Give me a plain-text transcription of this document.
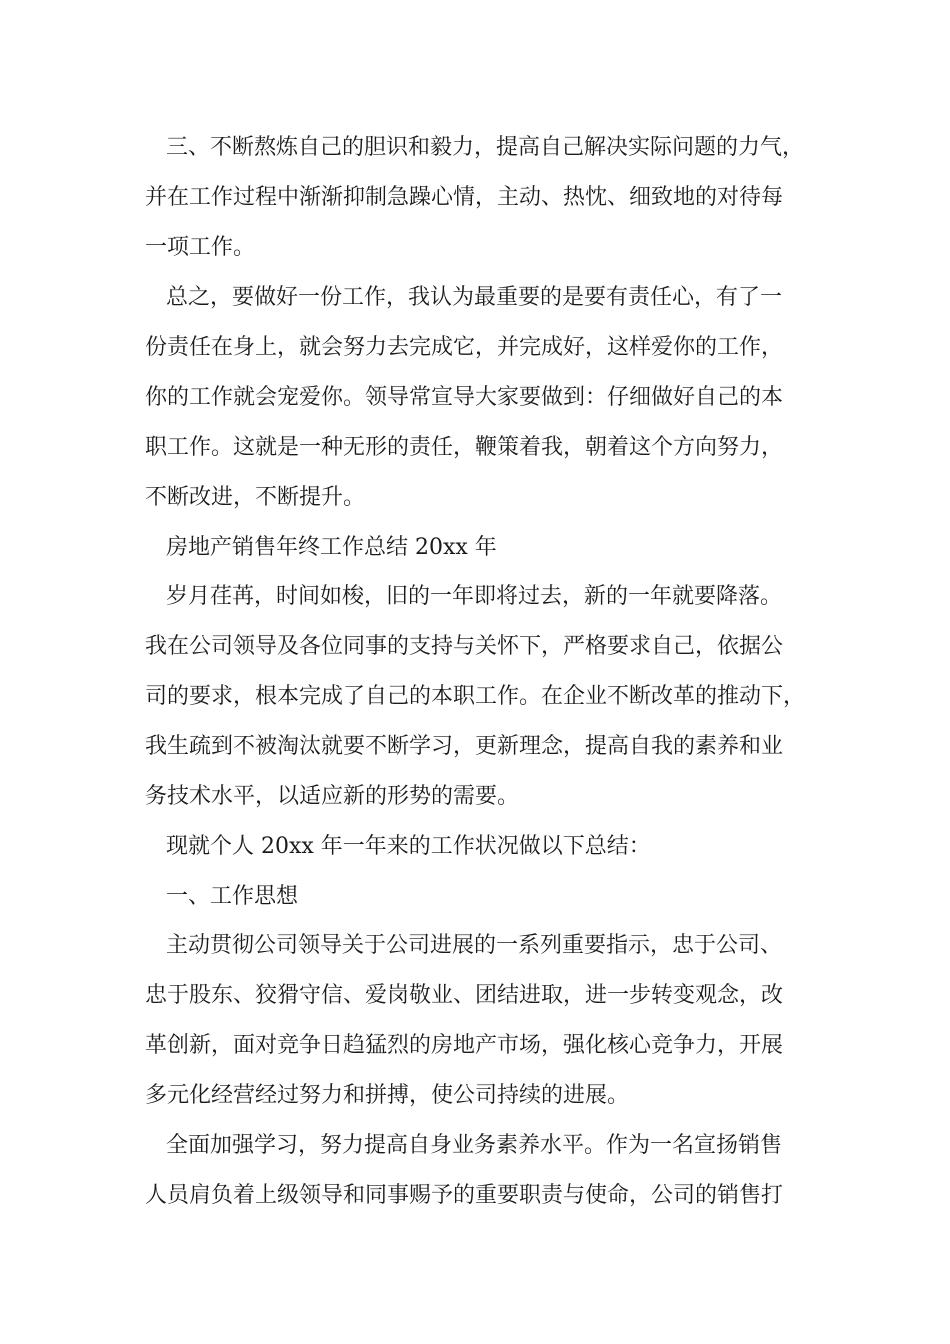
三、不断熬炼自己的胆识和毅力，提高自己解决实际问题的力气，
并在工作过程中渐渐抑制急躁心情，主动、热忱、细致地的对待每
一项工作。
总之，要做好一份工作，我认为最重要的是要有责任心，有了一
份责任在身上，就会努力去完成它，并完成好，这样爱你的工作，
你的工作就会宠爱你。领导常宣导大家要做到：仔细做好自己的本
职工作。这就是一种无形的责任，鞭策着我，朝着这个方向努力，
不断改进，不断提升。
房地产销售年终工作总结 20xx 年
岁月荏苒，时间如梭，旧的一年即将过去，新的一年就要降落。
我在公司领导及各位同事的支持与关怀下，严格要求自己，依据公
司的要求，根本完成了自己的本职工作。在企业不断改革的推动下，
我生疏到不被淘汰就要不断学习，更新理念，提高自我的素养和业
务技术水平，以适应新的形势的需要。
现就个人 20xx 年一年来的工作状况做以下总结：
一、工作思想
主动贯彻公司领导关于公司进展的一系列重要指示，忠于公司、
忠于股东、狡猾守信、爱岗敬业、团结进取，进一步转变观念，改
革创新，面对竞争日趋猛烈的房地产市场，强化核心竞争力，开展
多元化经营经过努力和拼搏，使公司持续的进展。
全面加强学习，努力提高自身业务素养水平。作为一名宣扬销售
人员肩负着上级领导和同事赐予的重要职责与使命，公司的销售打
